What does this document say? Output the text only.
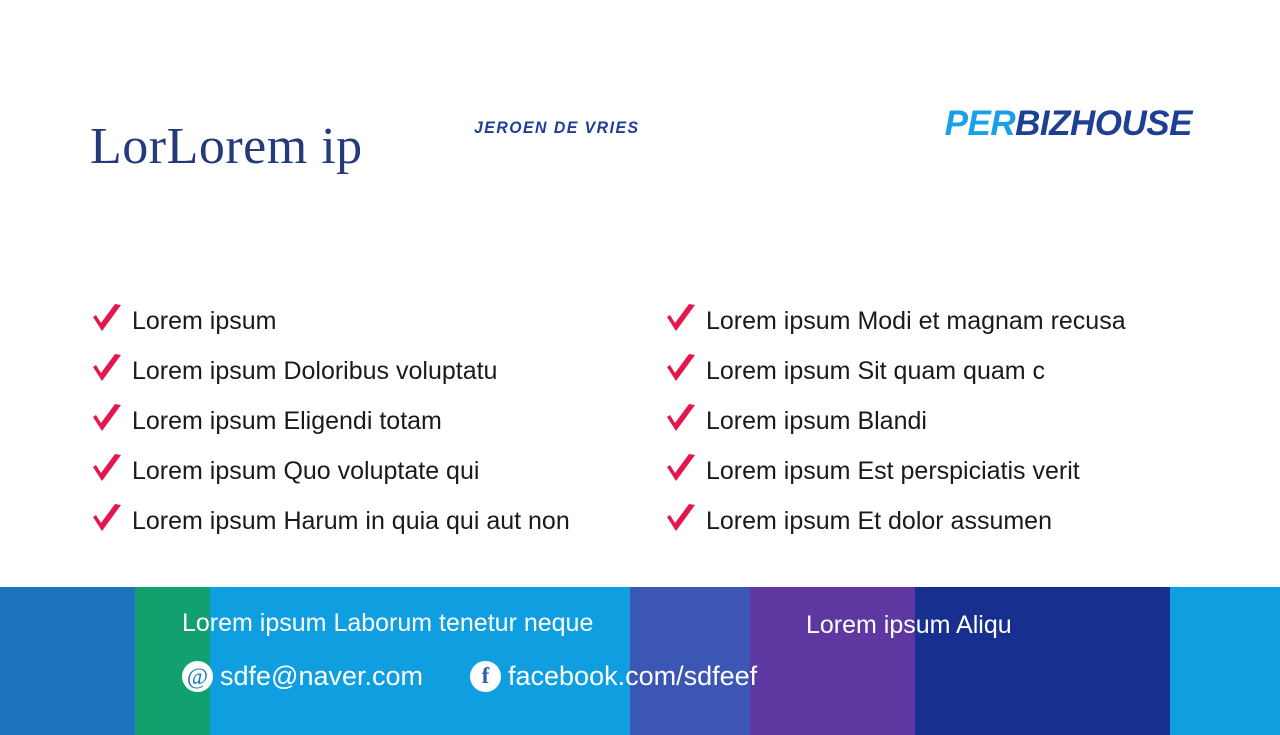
LorLorem ip	JEROEN DE VRIES	PERBIZHOUSE
Lorem ipsum
Lorem ipsum Doloribus voluptatu
Lorem ipsum Eligendi totam
Lorem ipsum Quo voluptate qui
Lorem ipsum Harum in quia qui aut non
Lorem ipsum Modi et magnam recusa
Lorem ipsum Sit quam quam c
Lorem ipsum Blandi
Lorem ipsum Est perspiciatis verit
Lorem ipsum Et dolor assumen
Lorem ipsum Laborum tenetur neque	Lorem ipsum Aliqu
@ sdfe@naver.com	f facebook.com/sdfeef
